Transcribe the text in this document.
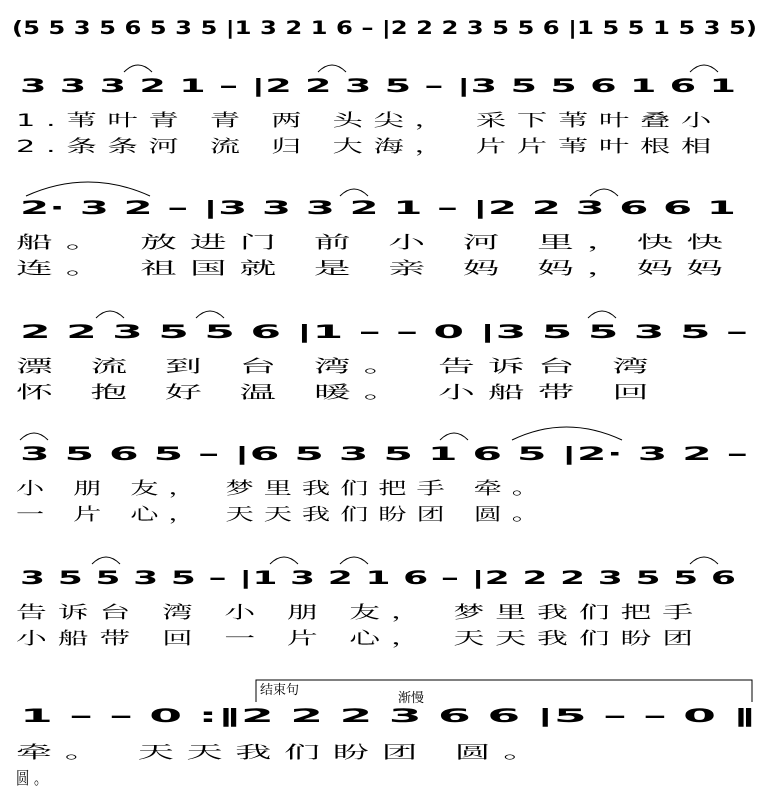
(5 5 3 5 6 5 3 5 |1 3 2 1 6 – |2 2 2 3 5 5 6 |1 5 5 1 5 3 5)
3 3 3 2 1 – |2 2 3 5 – |3 5 5 6 1 6 1
1.苇叶青 青 两 头尖， 采下苇叶叠小
2.条条河 流 归 大海， 片片苇叶根相
2· 3 2 – |3 3 3 2 1 – |2 2 3 6 6 1
船。 放进门 前 小 河 里，快快
连。 祖国就 是 亲 妈 妈，妈妈
2 2 3 5 5 6 |1 – – 0 |3 5 5 3 5 –
漂 流 到 台 湾。 告诉台 湾
怀 抱 好 温 暖。 小船带 回
3 5 6 5 – |6 5 3 5 1 6 5 |2· 3 2 –
小 朋 友， 梦里我们把手 牵。
一 片 心， 天天我们盼团 圆。
3 5 5 3 5 – |1 3 2 1 6 – |2 2 2 3 5 5 6
告诉台 湾 小 朋 友， 梦里我们把手
小船带 回 一 片 心， 天天我们盼团
结束句
渐慢
1 – – 0 :‖2 2 2 3 6 6 |5 – – 0 ‖
牵。 天天我们盼团 圆。
圆。
